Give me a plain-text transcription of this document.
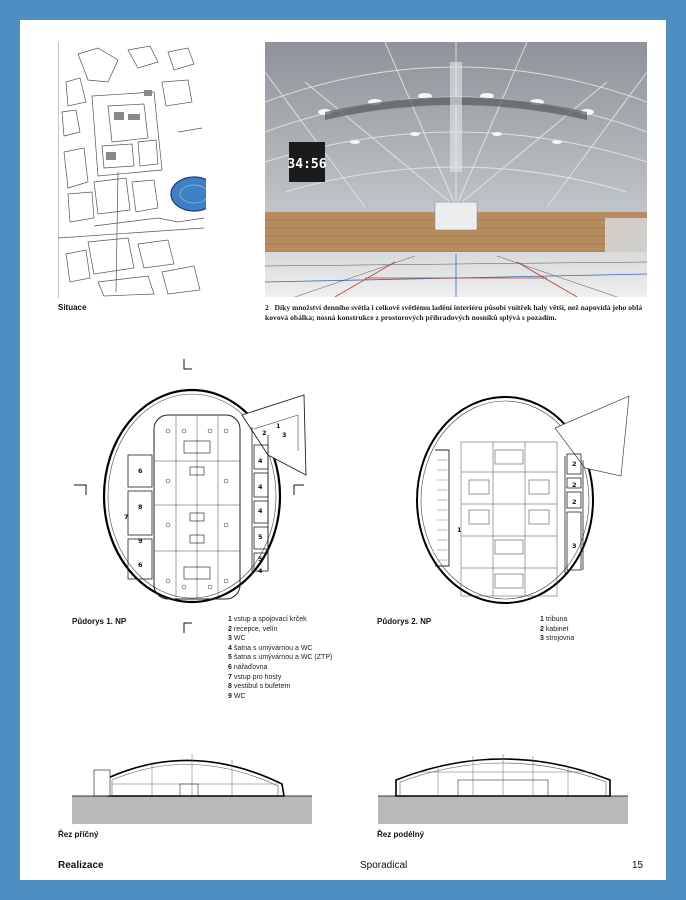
Situace
34:56
2 Díky množství denního světla i celkově světlému ladění interiéru působí vnitřek haly větší, než napovídá jeho oblá kovová obálka; nosná konstrukce z prostorových příhradových nosníků splývá s pozadím.
1
2 3
4
4
4
5
5
4
6
7
8
9
6
Půdorys 1. NP	1 vstup a spojovací krček
2 recepce, velín
3 WC
4 šatna s umývárnou a WC
5 šatna s umývárnou a WC (ZTP)
6 nářaďovna
7 vstup pro hosty
8 vestibul s bufetem
9 WC
1
2
2
2
3
Půdorys 2. NP	1 tribuna
2 kabinet
3 strojovna
Řez příčný	Řez podélný
Realizace	Sporadical	15
